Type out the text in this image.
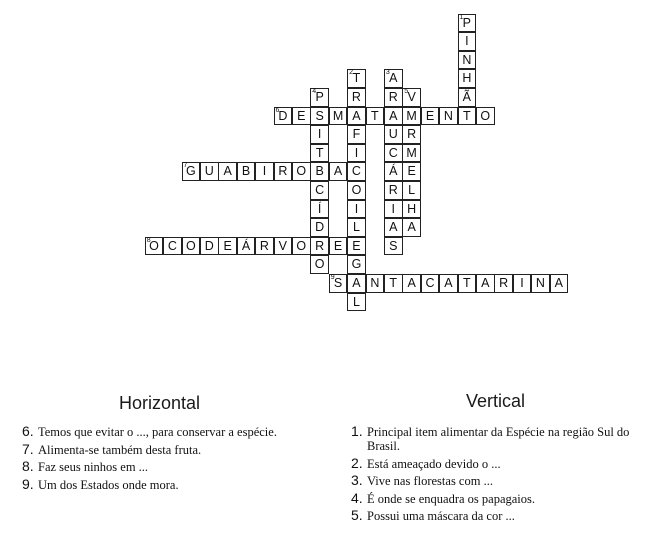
P
1
I
N
H
Ã
T
T
2
R
A
F
I
C
O
I
L
E
G
A
L
A
3
R
A
U
C
Á
R
I
A
S
P
4
S
I
T
B
C
Í
D
R
O
V
5
M
R
M
E
L
H
A
D
6	E	M	T	E N	O
G
7	U A B I R O	A
O
8	C O D E Á R V O	E
S
9	N T A C A T A R I N A
Horizontal	Vertical
6. Temos que evitar o ..., para conservar a espécie.
7. Alimenta-se também desta fruta.
8. Faz seus ninhos em ...
9. Um dos Estados onde mora.
1. Principal item alimentar da Espécie na região Sul do Brasil.
2. Está ameaçado devido o ...
3. Vive nas florestas com ...
4. É onde se enquadra os papagaios.
5. Possui uma máscara da cor ...
